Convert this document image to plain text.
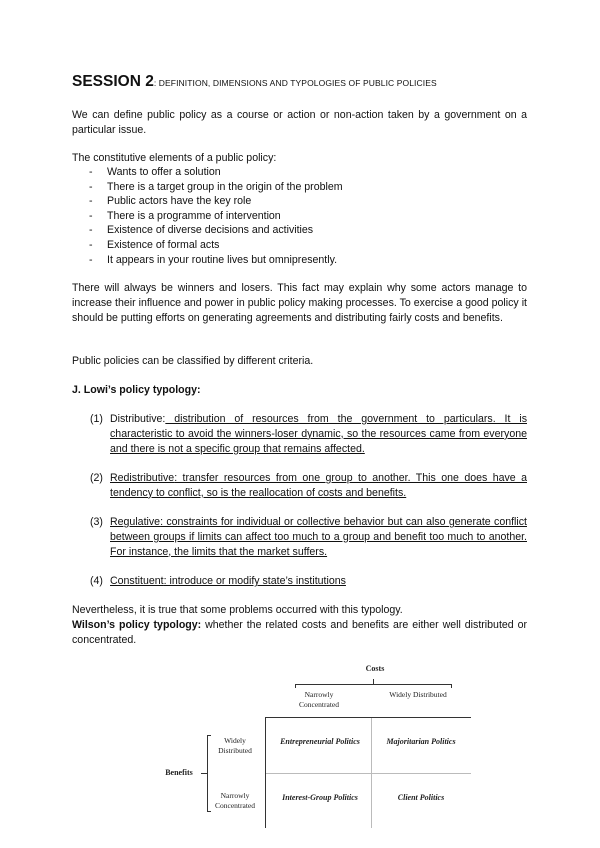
SESSION 2: DEFINITION, DIMENSIONS AND TYPOLOGIES OF PUBLIC POLICIES

We can define public policy as a course or action or non-action taken by a government on a particular issue.

The constitutive elements of a public policy:

- Wants to offer a solution
- There is a target group in the origin of the problem
- Public actors have the key role
- There is a programme of intervention
- Existence of diverse decisions and activities
- Existence of formal acts
- It appears in your routine lives but omnipresently.

There will always be winners and losers. This fact may explain why some actors manage to increase their influence and power in public policy making processes. To exercise a good policy it should be putting efforts on generating agreements and distributing fairly costs and benefits.

Public policies can be classified by different criteria.

J. Lowi’s policy typology:

(1) Distributive: distribution of resources from the government to particulars. It is characteristic to avoid the winners-loser dynamic, so the resources came from everyone and there is not a specific group that remains affected.
(2) Redistributive: transfer resources from one group to another. This one does have a tendency to conflict, so is the reallocation of costs and benefits.
(3) Regulative: constraints for individual or collective behavior but can also generate conflict between groups if limits can affect too much to a group and benefit too much to another. For instance, the limits that the market suffers.
(4) Constituent: introduce or modify state’s institutions

Nevertheless, it is true that some problems occurred with this typology.

Wilson’s policy typology: whether the related costs and benefits are either well distributed or concentrated.

Costs
Narrowly Concentrated
Widely Distributed
Benefits
Widely Distributed
Narrowly Concentrated
Entrepreneurial Politics	Majoritarian Politics
Interest-Group Politics	Client Politics
